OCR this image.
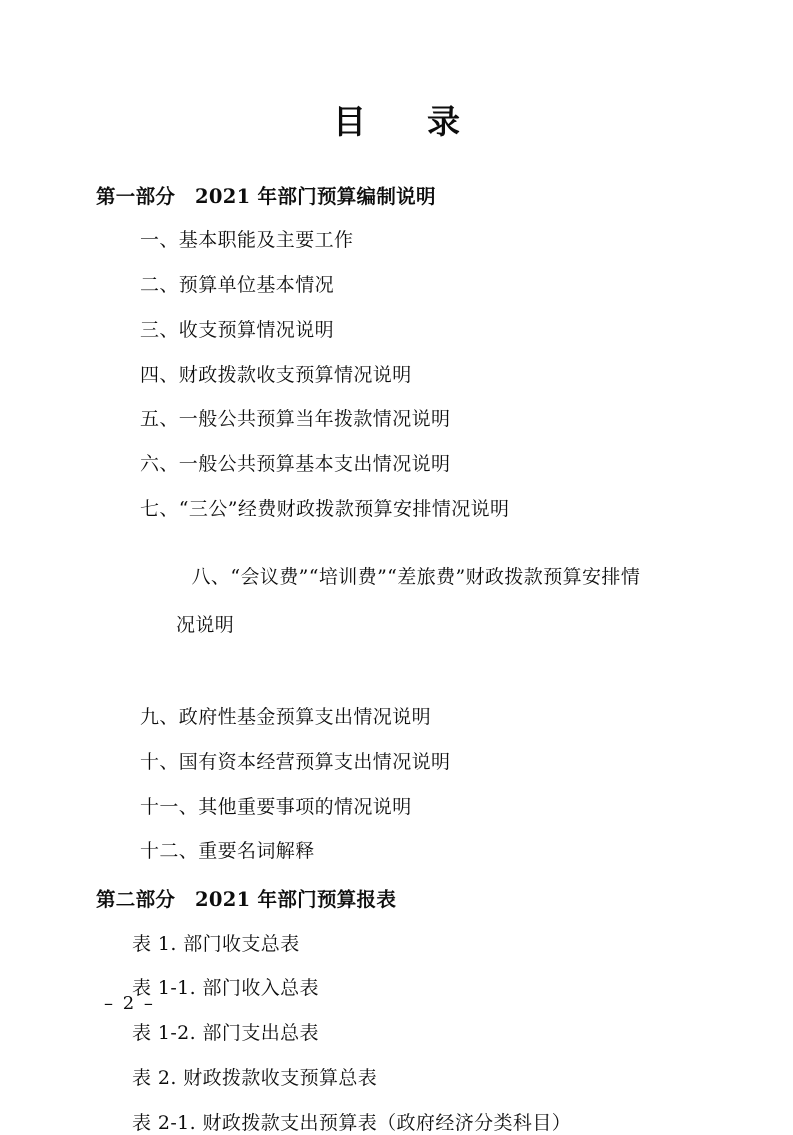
目　录
第一部分　2021 年部门预算编制说明
一、基本职能及主要工作
二、预算单位基本情况
三、收支预算情况说明
四、财政拨款收支预算情况说明
五、一般公共预算当年拨款情况说明
六、一般公共预算基本支出情况说明
七、“三公”经费财政拨款预算安排情况说明

八、“会议费”“培训费”“差旅费”财政拨款预算安排情

况说明

九、政府性基金预算支出情况说明
十、国有资本经营预算支出情况说明
十一、其他重要事项的情况说明
十二、重要名词解释
第二部分　2021 年部门预算报表
表 1. 部门收支总表
表 1-1. 部门收入总表
表 1-2. 部门支出总表
表 2. 财政拨款收支预算总表
表 2-1. 财政拨款支出预算表（政府经济分类科目）
– 2 –
